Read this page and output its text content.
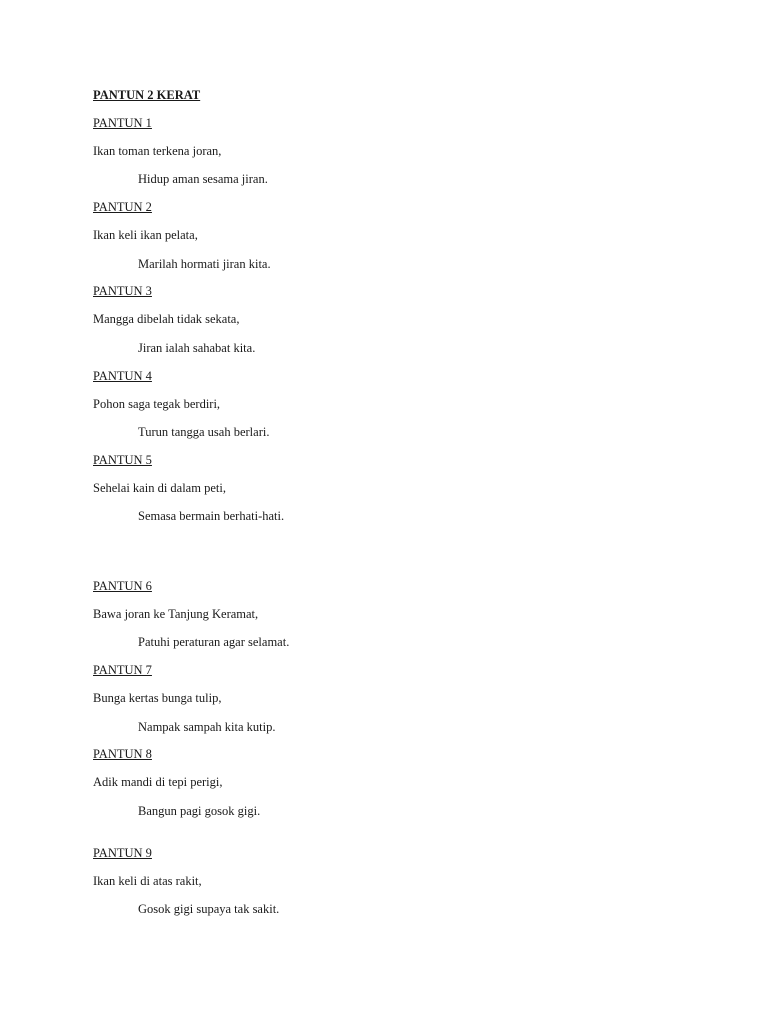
PANTUN 2 KERAT
PANTUN 1
Ikan toman terkena joran,
Hidup aman sesama jiran.
PANTUN 2
Ikan keli ikan pelata,
Marilah hormati jiran kita.
PANTUN 3
Mangga dibelah tidak sekata,
Jiran ialah sahabat kita.
PANTUN 4
Pohon saga tegak berdiri,
Turun tangga usah berlari.
PANTUN 5
Sehelai kain di dalam peti,
Semasa bermain berhati-hati.
PANTUN 6
Bawa joran ke Tanjung Keramat,
Patuhi peraturan agar selamat.
PANTUN 7
Bunga kertas bunga tulip,
Nampak sampah kita kutip.
PANTUN 8
Adik mandi di tepi perigi,
Bangun pagi gosok gigi.
PANTUN 9
Ikan keli di atas rakit,
Gosok gigi supaya tak sakit.
